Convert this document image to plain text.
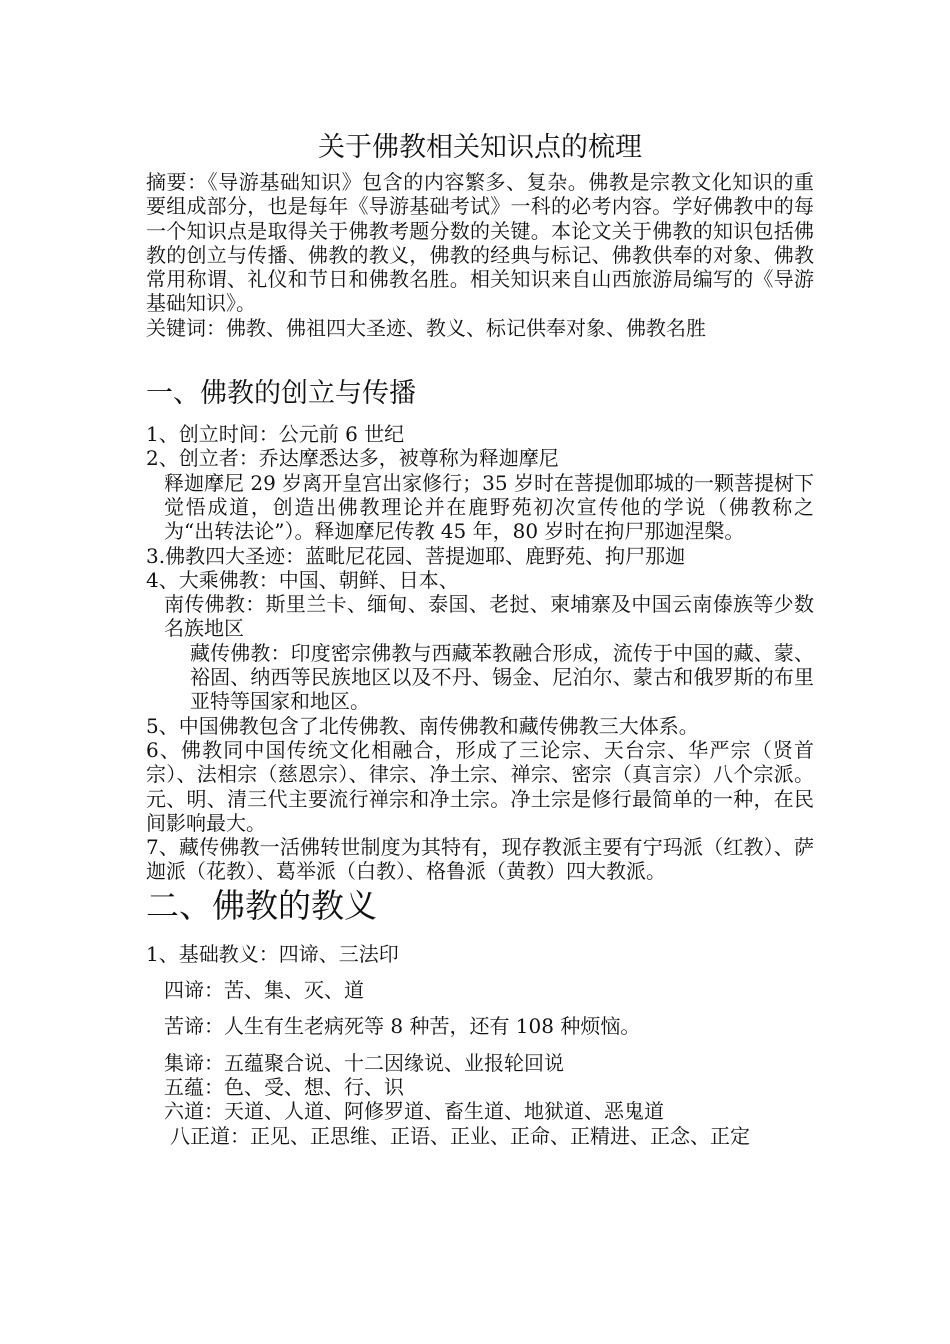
关于佛教相关知识点的梳理

摘要：《导游基础知识》包含的内容繁多、复杂。佛教是宗教文化知识的重要组成部分，也是每年《导游基础考试》一科的必考内容。学好佛教中的每一个知识点是取得关于佛教考题分数的关键。本论文关于佛教的知识包括佛教的创立与传播、佛教的教义，佛教的经典与标记、佛教供奉的对象、佛教常用称谓、礼仪和节日和佛教名胜。相关知识来自山西旅游局编写的《导游基础知识》。

关键词：佛教、佛祖四大圣迹、教义、标记供奉对象、佛教名胜

一、佛教的创立与传播

1、创立时间：公元前 6 世纪

2、创立者：乔达摩悉达多，被尊称为释迦摩尼

释迦摩尼 29 岁离开皇宫出家修行；35 岁时在菩提伽耶城的一颗菩提树下觉悟成道，创造出佛教理论并在鹿野苑初次宣传他的学说（佛教称之为“出转法论”）。释迦摩尼传教 45 年，80 岁时在拘尸那迦涅槃。

3.佛教四大圣迹：蓝毗尼花园、菩提迦耶、鹿野苑、拘尸那迦

4、大乘佛教：中国、朝鲜、日本、

南传佛教：斯里兰卡、缅甸、泰国、老挝、柬埔寨及中国云南傣族等少数名族地区

藏传佛教：印度密宗佛教与西藏苯教融合形成，流传于中国的藏、蒙、裕固、纳西等民族地区以及不丹、锡金、尼泊尔、蒙古和俄罗斯的布里亚特等国家和地区。

5、中国佛教包含了北传佛教、南传佛教和藏传佛教三大体系。

6、佛教同中国传统文化相融合，形成了三论宗、天台宗、华严宗（贤首宗）、法相宗（慈恩宗）、律宗、净土宗、禅宗、密宗（真言宗）八个宗派。元、明、清三代主要流行禅宗和净土宗。净土宗是修行最简单的一种，在民间影响最大。

7、藏传佛教一活佛转世制度为其特有，现存教派主要有宁玛派（红教）、萨迦派（花教）、葛举派（白教）、格鲁派（黄教）四大教派。

二、佛教的教义

1、基础教义：四谛、三法印

四谛：苦、集、灭、道

苦谛：人生有生老病死等 8 种苦，还有 108 种烦恼。

集谛：五蕴聚合说、十二因缘说、业报轮回说

五蕴：色、受、想、行、识

六道：天道、人道、阿修罗道、畜生道、地狱道、恶鬼道

八正道：正见、正思维、正语、正业、正命、正精进、正念、正定
